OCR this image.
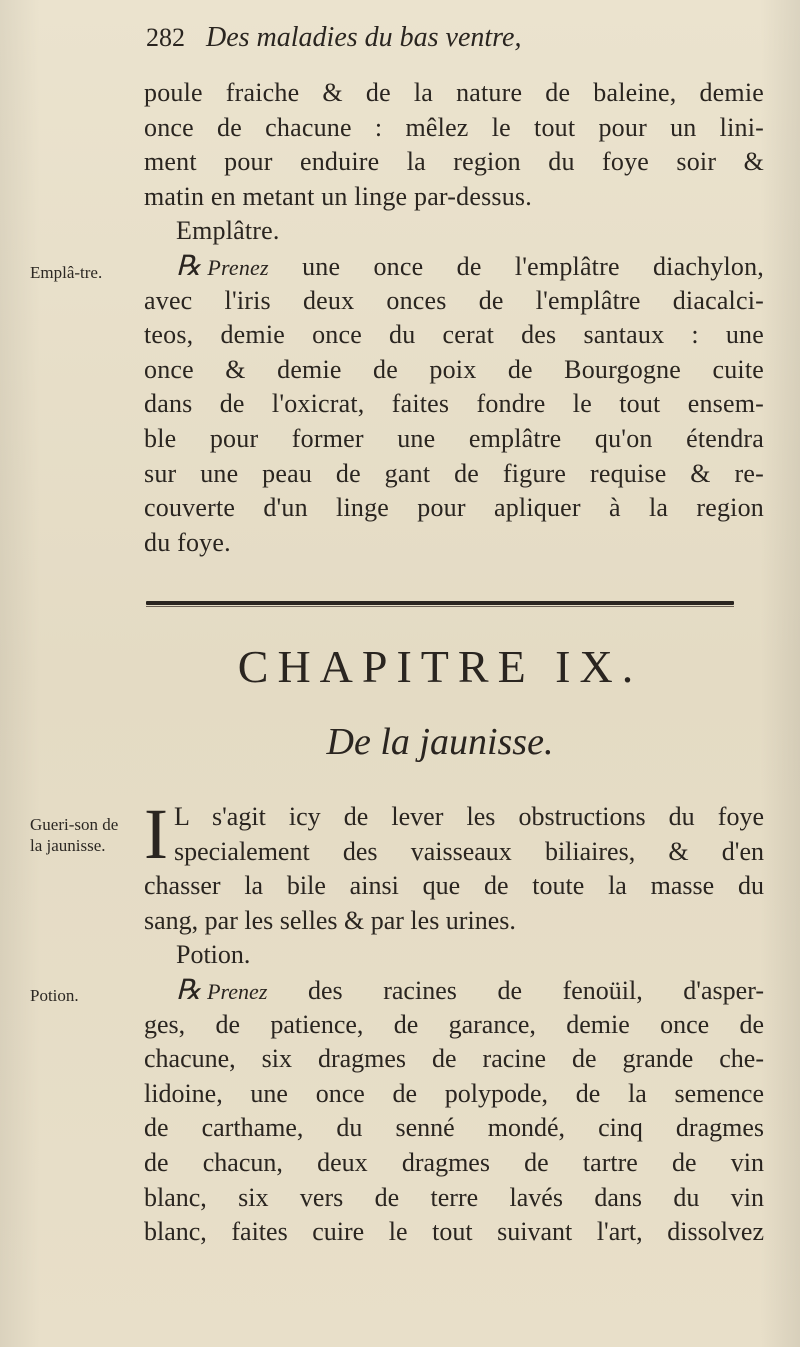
282 Des maladies du bas ventre,
poule fraiche & de la nature de baleine, demie
once de chacune : mêlez le tout pour un lini-
ment pour enduire la region du foye soir &
matin en metant un linge par-dessus.
Emplâtre.
℞ Prenez une once de l'emplâtre diachylon,
avec l'iris deux onces de l'emplâtre diacalci-
teos, demie once du cerat des santaux : une
once & demie de poix de Bourgogne cuite
dans de l'oxicrat, faites fondre le tout ensem-
ble pour former une emplâtre qu'on étendra
sur une peau de gant de figure requise & re-
couverte d'un linge pour apliquer à la region
du foye.
Emplâ-tre.
CHAPITRE IX.
De la jaunisse.
Gueri-son de la jaunisse. I L s'agit icy de lever les obstructions du foye
specialement des vaisseaux biliaires, & d'en
chasser la bile ainsi que de toute la masse du
sang, par les selles & par les urines.
Potion.
℞ Prenez des racines de fenoüil, d'asper-
ges, de patience, de garance, demie once de
chacune, six dragmes de racine de grande che-
lidoine, une once de polypode, de la semence
de carthame, du senné mondé, cinq dragmes
de chacun, deux dragmes de tartre de vin
blanc, six vers de terre lavés dans du vin
blanc, faites cuire le tout suivant l'art, dissolvez
Potion.
